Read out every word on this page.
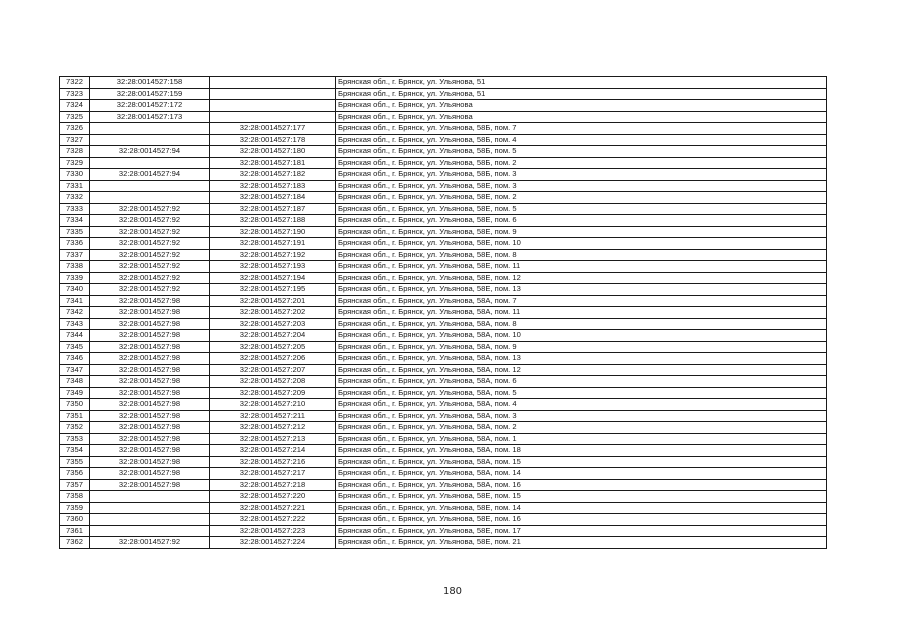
7322	32:28:0014527:158		Брянская обл., г. Брянск, ул. Ульянова, 51
7323	32:28:0014527:159		Брянская обл., г. Брянск, ул. Ульянова, 51
7324	32:28:0014527:172		Брянская обл., г. Брянск, ул. Ульянова
7325	32:28:0014527:173		Брянская обл., г. Брянск, ул. Ульянова
7326		32:28:0014527:177	Брянская обл., г. Брянск, ул. Ульянова, 58Б, пом. 7
7327		32:28:0014527:178	Брянская обл., г. Брянск, ул. Ульянова, 58Б, пом. 4
7328	32:28:0014527:94	32:28:0014527:180	Брянская обл., г. Брянск, ул. Ульянова, 58Б, пом. 5
7329		32:28:0014527:181	Брянская обл., г. Брянск, ул. Ульянова, 58Б, пом. 2
7330	32:28:0014527:94	32:28:0014527:182	Брянская обл., г. Брянск, ул. Ульянова, 58Б, пом. 3
7331		32:28:0014527:183	Брянская обл., г. Брянск, ул. Ульянова, 58Е, пом. 3
7332		32:28:0014527:184	Брянская обл., г. Брянск, ул. Ульянова, 58Е, пом. 2
7333	32:28:0014527:92	32:28:0014527:187	Брянская обл., г. Брянск, ул. Ульянова, 58Е, пом. 5
7334	32:28:0014527:92	32:28:0014527:188	Брянская обл., г. Брянск, ул. Ульянова, 58Е, пом. 6
7335	32:28:0014527:92	32:28:0014527:190	Брянская обл., г. Брянск, ул. Ульянова, 58Е, пом. 9
7336	32:28:0014527:92	32:28:0014527:191	Брянская обл., г. Брянск, ул. Ульянова, 58Е, пом. 10
7337	32:28:0014527:92	32:28:0014527:192	Брянская обл., г. Брянск, ул. Ульянова, 58Е, пом. 8
7338	32:28:0014527:92	32:28:0014527:193	Брянская обл., г. Брянск, ул. Ульянова, 58Е, пом. 11
7339	32:28:0014527:92	32:28:0014527:194	Брянская обл., г. Брянск, ул. Ульянова, 58Е, пом. 12
7340	32:28:0014527:92	32:28:0014527:195	Брянская обл., г. Брянск, ул. Ульянова, 58Е, пом. 13
7341	32:28:0014527:98	32:28:0014527:201	Брянская обл., г. Брянск, ул. Ульянова, 58А, пом. 7
7342	32:28:0014527:98	32:28:0014527:202	Брянская обл., г. Брянск, ул. Ульянова, 58А, пом. 11
7343	32:28:0014527:98	32:28:0014527:203	Брянская обл., г. Брянск, ул. Ульянова, 58А, пом. 8
7344	32:28:0014527:98	32:28:0014527:204	Брянская обл., г. Брянск, ул. Ульянова, 58А, пом. 10
7345	32:28:0014527:98	32:28:0014527:205	Брянская обл., г. Брянск, ул. Ульянова, 58А, пом. 9
7346	32:28:0014527:98	32:28:0014527:206	Брянская обл., г. Брянск, ул. Ульянова, 58А, пом. 13
7347	32:28:0014527:98	32:28:0014527:207	Брянская обл., г. Брянск, ул. Ульянова, 58А, пом. 12
7348	32:28:0014527:98	32:28:0014527:208	Брянская обл., г. Брянск, ул. Ульянова, 58А, пом. 6
7349	32:28:0014527:98	32:28:0014527:209	Брянская обл., г. Брянск, ул. Ульянова, 58А, пом. 5
7350	32:28:0014527:98	32:28:0014527:210	Брянская обл., г. Брянск, ул. Ульянова, 58А, пом. 4
7351	32:28:0014527:98	32:28:0014527:211	Брянская обл., г. Брянск, ул. Ульянова, 58А, пом. 3
7352	32:28:0014527:98	32:28:0014527:212	Брянская обл., г. Брянск, ул. Ульянова, 58А, пом. 2
7353	32:28:0014527:98	32:28:0014527:213	Брянская обл., г. Брянск, ул. Ульянова, 58А, пом. 1
7354	32:28:0014527:98	32:28:0014527:214	Брянская обл., г. Брянск, ул. Ульянова, 58А, пом. 18
7355	32:28:0014527:98	32:28:0014527:216	Брянская обл., г. Брянск, ул. Ульянова, 58А, пом. 15
7356	32:28:0014527:98	32:28:0014527:217	Брянская обл., г. Брянск, ул. Ульянова, 58А, пом. 14
7357	32:28:0014527:98	32:28:0014527:218	Брянская обл., г. Брянск, ул. Ульянова, 58А, пом. 16
7358		32:28:0014527:220	Брянская обл., г. Брянск, ул. Ульянова, 58Е, пом. 15
7359		32:28:0014527:221	Брянская обл., г. Брянск, ул. Ульянова, 58Е, пом. 14
7360		32:28:0014527:222	Брянская обл., г. Брянск, ул. Ульянова, 58Е, пом. 16
7361		32:28:0014527:223	Брянская обл., г. Брянск, ул. Ульянова, 58Е, пом. 17
7362	32:28:0014527:92	32:28:0014527:224	Брянская обл., г. Брянск, ул. Ульянова, 58Е, пом. 21
180
